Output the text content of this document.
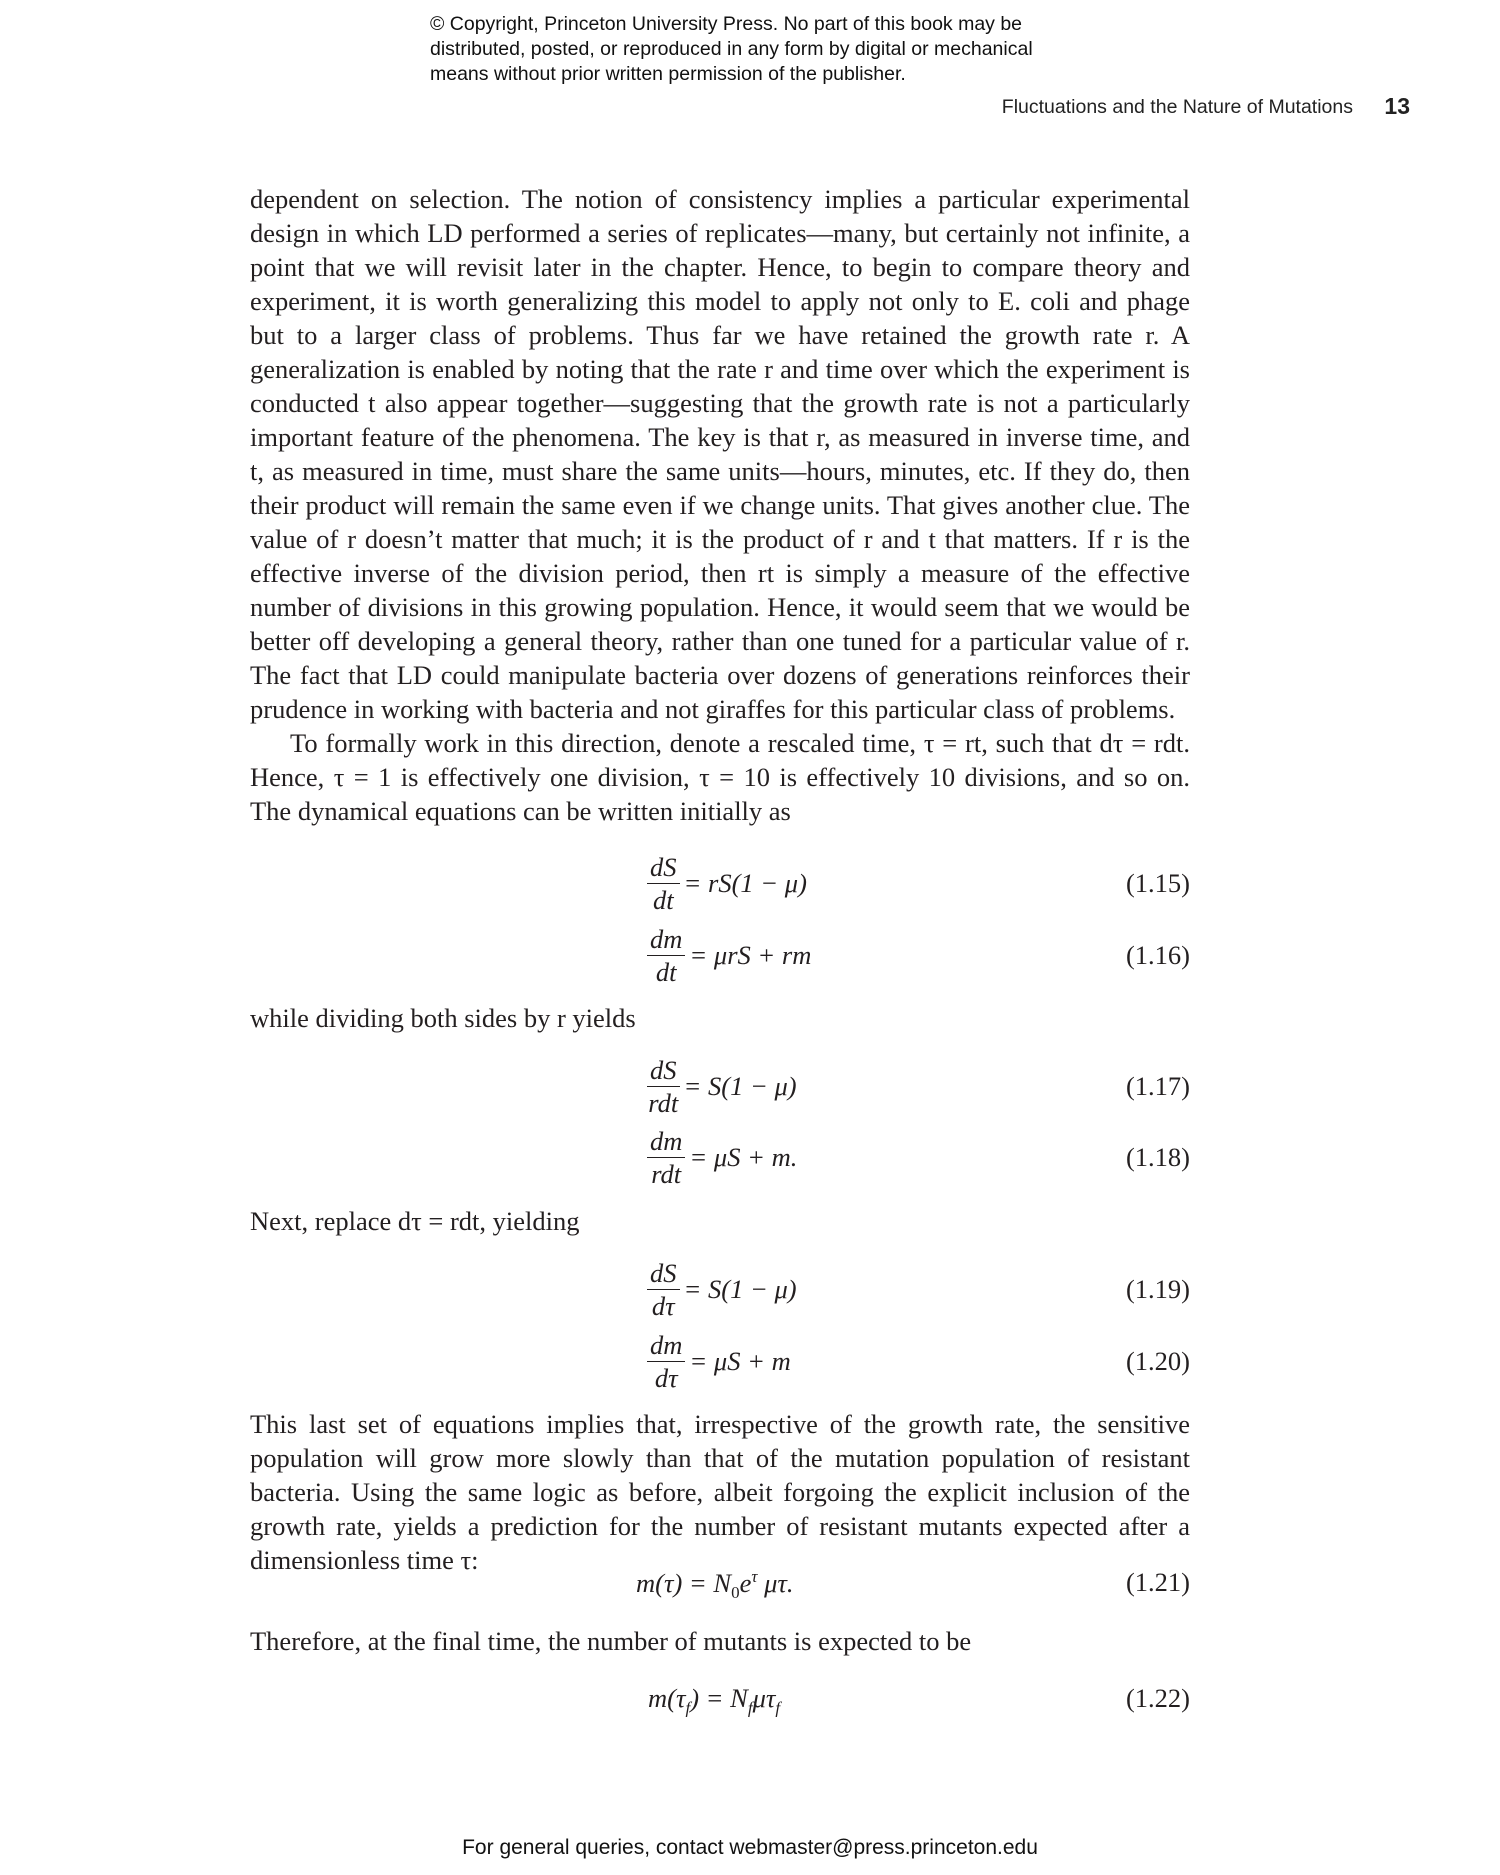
© Copyright, Princeton University Press. No part of this book may be
distributed, posted, or reproduced in any form by digital or mechanical
means without prior written permission of the publisher.
Fluctuations and the Nature of Mutations 13

dependent on selection. The notion of consistency implies a particular experimental design in which LD performed a series of replicates—many, but certainly not infinite, a point that we will revisit later in the chapter. Hence, to begin to compare theory and experiment, it is worth generalizing this model to apply not only to E. coli and phage but to a larger class of problems. Thus far we have retained the growth rate r. A generalization is enabled by noting that the rate r and time over which the experiment is conducted t also appear together—suggesting that the growth rate is not a particularly important feature of the phenomena. The key is that r, as measured in inverse time, and t, as measured in time, must share the same units—hours, minutes, etc. If they do, then their product will remain the same even if we change units. That gives another clue. The value of r doesn’t matter that much; it is the product of r and t that matters. If r is the effective inverse of the division period, then rt is simply a measure of the effective number of divisions in this growing population. Hence, it would seem that we would be better off developing a general theory, rather than one tuned for a particular value of r. The fact that LD could manipulate bacteria over dozens of generations reinforces their prudence in working with bacteria and not giraffes for this particular class of problems.

To formally work in this direction, denote a rescaled time, τ = rt, such that dτ = rdt. Hence, τ = 1 is effectively one division, τ = 10 is effectively 10 divisions, and so on. The dynamical equations can be written initially as

$\frac{dS}{dt} = rS(1 - \mu)$	(1.15)
$\frac{dm}{dt} = \mu rS$ + rm	(1.16)
while dividing both sides by r yields
$\frac{dS}{\text{rdt}} = S(1 - \mu)$	(1.17)
$\frac{dm}{\text{rdt}} = \mu S + m$.	(1.18)
Next, replace dτ = rdt, yielding
$\frac{dS}{d\tau} = S(1 - \mu)$	(1.19)
$\frac{dm}{d\tau} = \mu S + m$	(1.20)

This last set of equations implies that, irrespective of the growth rate, the sensitive population will grow more slowly than that of the mutation population of resistant bacteria. Using the same logic as before, albeit forgoing the explicit inclusion of the growth rate, yields a prediction for the number of resistant mutants expected after a dimensionless time τ:

$m(\tau) = N_0e^\tau$ μτ.	(1.21)
Therefore, at the final time, the number of mutants is expected to be
$m(\tau_f) = N_f\mu\tau_f$	(1.22)
For general queries, contact webmaster@press.princeton.edu
